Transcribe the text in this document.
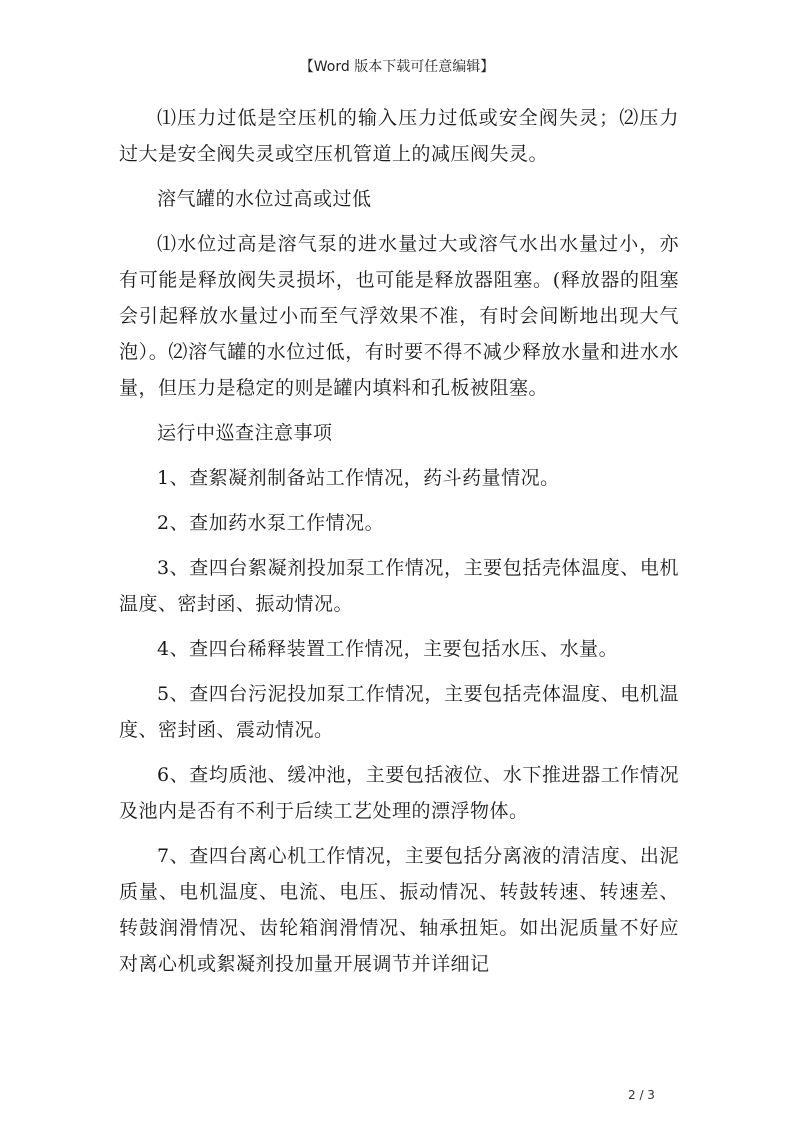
【Word 版本下载可任意编辑】

⑴压力过低是空压机的输入压力过低或安全阀失灵；⑵压力过大是安全阀失灵或空压机管道上的减压阀失灵。

溶气罐的水位过高或过低

⑴水位过高是溶气泵的进水量过大或溶气水出水量过小，亦有可能是释放阀失灵损坏，也可能是释放器阻塞。(释放器的阻塞会引起释放水量过小而至气浮效果不准，有时会间断地出现大气泡）。⑵溶气罐的水位过低，有时要不得不减少释放水量和进水水量，但压力是稳定的则是罐内填料和孔板被阻塞。

运行中巡查注意事项

1、查絮凝剂制备站工作情况，药斗药量情况。

2、查加药水泵工作情况。

3、查四台絮凝剂投加泵工作情况，主要包括壳体温度、电机温度、密封函、振动情况。

4、查四台稀释装置工作情况，主要包括水压、水量。

5、查四台污泥投加泵工作情况，主要包括壳体温度、电机温度、密封函、震动情况。

6、查均质池、缓冲池，主要包括液位、水下推进器工作情况及池内是否有不利于后续工艺处理的漂浮物体。

7、查四台离心机工作情况，主要包括分离液的清洁度、出泥质量、电机温度、电流、电压、振动情况、转鼓转速、转速差、转鼓润滑情况、齿轮箱润滑情况、轴承扭矩。如出泥质量不好应对离心机或絮凝剂投加量开展调节并详细记

2 / 3
